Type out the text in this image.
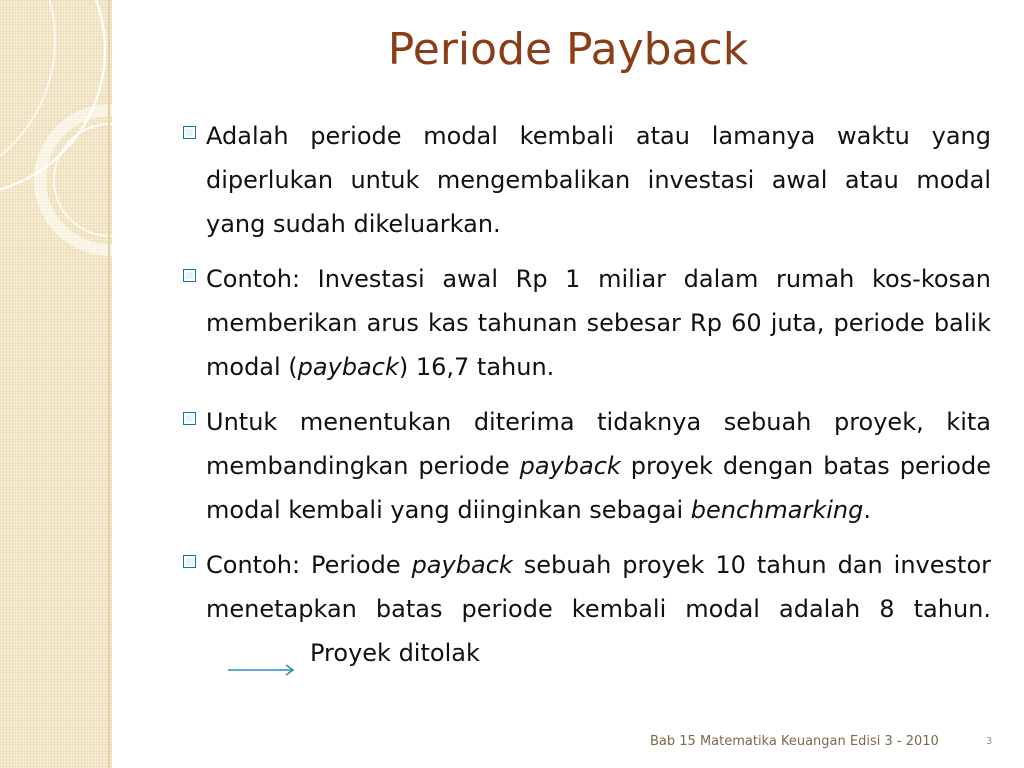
Periode Payback
Adalah periode modal kembali atau lamanya waktu yang diperlukan untuk mengembalikan investasi awal atau modal yang sudah dikeluarkan.
Contoh: Investasi awal Rp 1 miliar dalam rumah kos-kosan memberikan arus kas tahunan sebesar Rp 60 juta, periode balik modal (payback) 16,7 tahun.
Untuk menentukan diterima tidaknya sebuah proyek, kita membandingkan periode payback proyek dengan batas periode modal kembali yang diinginkan sebagai benchmarking.
Contoh: Periode payback sebuah proyek 10 tahun dan investor menetapkan batas periode kembali modal adalah 8 tahun.Proyek ditolak
Bab 15 Matematika Keuangan Edisi 3 - 2010	3
